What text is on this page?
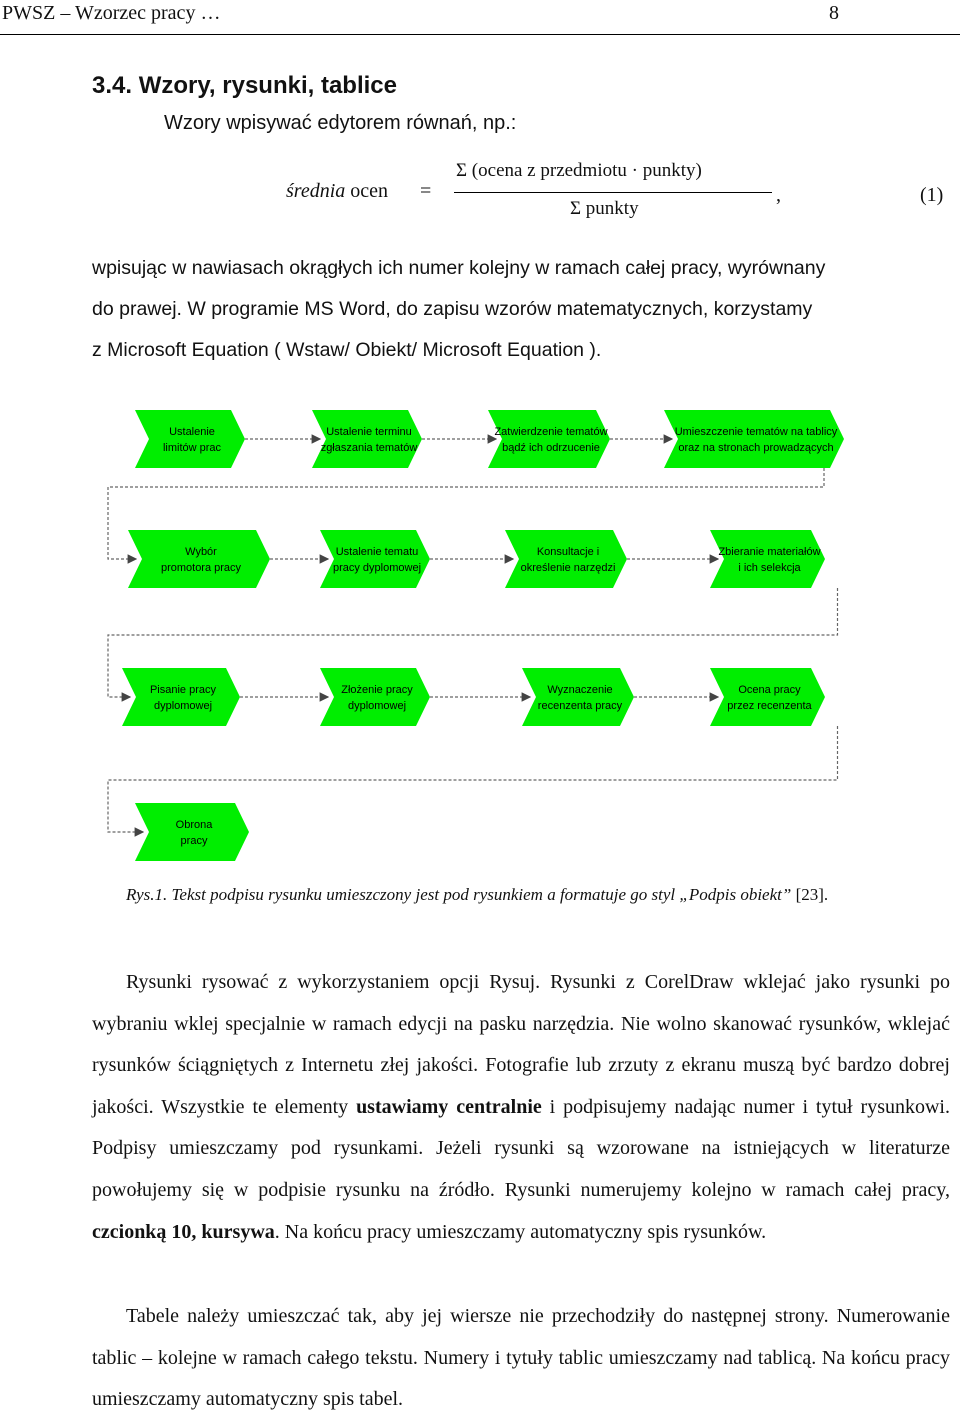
PWSZ – Wzorzec pracy …	8
3.4. Wzory, rysunki, tablice
Wzory wpisywać edytorem równań, np.:
średnia ocen =
Σ (ocena z przedmiotu · punkty)
Σ punkty
,	(1)
wpisując w nawiasach okrągłych ich numer kolejny w ramach całej pracy, wyrównany
do prawej. W programie MS Word, do zapisu wzorów matematycznych, korzystamy
z Microsoft Equation ( Wstaw/ Obiekt/ Microsoft Equation ).
Ustalenie
limitów prac
Ustalenie terminu
zgłaszania tematów
Zatwierdzenie tematów
bądź ich odrzucenie
Umieszczenie tematów na tablicy
oraz na stronach prowadzących
Wybór
promotora pracy
Ustalenie tematu
pracy dyplomowej
Konsultacje i
określenie narzędzi
Zbieranie materiałów
i ich selekcja
Pisanie pracy
dyplomowej
Złożenie pracy
dyplomowej
Wyznaczenie
recenzenta pracy
Ocena pracy
przez recenzenta
Obrona
pracy
Rys.1. Tekst podpisu rysunku umieszczony jest pod rysunkiem a formatuje go styl „Podpis obiekt” [23].
Rysunki rysować z wykorzystaniem opcji Rysuj. Rysunki z CorelDraw wklejać jako rysunki po wybraniu wklej specjalnie w ramach edycji na pasku narzędzia. Nie wolno skanować rysunków, wklejać rysunków ściągniętych z Internetu złej jakości. Fotografie lub zrzuty z ekranu muszą być bardzo dobrej jakości. Wszystkie te elementy ustawiamy centralnie i podpisujemy nadając numer i tytuł rysunkowi. Podpisy umieszczamy pod rysunkami. Jeżeli rysunki są wzorowane na istniejących w literaturze powołujemy się w podpisie rysunku na źródło. Rysunki numerujemy kolejno w ramach całej pracy, czcionką 10, kursywa. Na końcu pracy umieszczamy automatyczny spis rysunków.
Tabele należy umieszczać tak, aby jej wiersze nie przechodziły do następnej strony. Numerowanie tablic – kolejne w ramach całego tekstu. Numery i tytuły tablic umieszczamy nad tablicą. Na końcu pracy umieszczamy automatyczny spis tabel.
